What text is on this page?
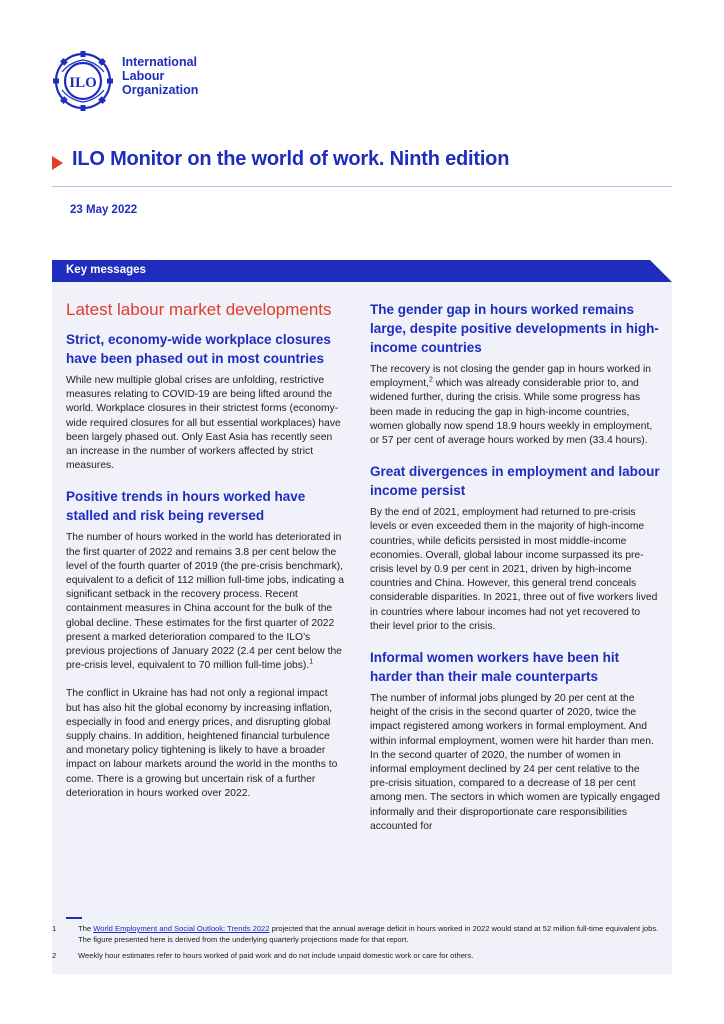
ILO
International
Labour
Organization
ILO Monitor on the world of work. Ninth edition
23 May 2022
Key messages
Latest labour market developments
Strict, economy-wide workplace closures have been phased out in most countries

While new multiple global crises are unfolding, restrictive measures relating to COVID-19 are being lifted around the world. Workplace closures in their strictest forms (economy-wide required closures for all but essential workplaces) have been largely phased out. Only East Asia has recently seen an increase in the number of workers affected by strict measures.

Positive trends in hours worked have stalled and risk being reversed

The number of hours worked in the world has deteriorated in the first quarter of 2022 and remains 3.8 per cent below the level of the fourth quarter of 2019 (the pre-crisis benchmark), equivalent to a deficit of 112 million full-time jobs, indicating a significant setback in the recovery process. Recent containment measures in China account for the bulk of the global decline. These estimates for the first quarter of 2022 present a marked deterioration compared to the ILO’s previous projections of January 2022 (2.4 per cent below the pre-crisis level, equivalent to 70 million full-time jobs).$^1$

The conflict in Ukraine has had not only a regional impact but has also hit the global economy by increasing inflation, especially in food and energy prices, and disrupting global supply chains. In addition, heightened financial turbulence and monetary policy tightening is likely to have a broader impact on labour markets around the world in the months to come. There is a growing but uncertain risk of a further deterioration in hours worked over 2022.

The gender gap in hours worked remains large, despite positive developments in high-income countries

The recovery is not closing the gender gap in hours worked in employment,$^2$ which was already considerable prior to, and widened further, during the crisis. While some progress has been made in reducing the gap in high-income countries, women globally now spend 18.9 hours weekly in employment, or 57 per cent of average hours worked by men (33.4 hours).

Great divergences in employment and labour income persist

By the end of 2021, employment had returned to pre-crisis levels or even exceeded them in the majority of high-income countries, while deficits persisted in most middle-income economies. Overall, global labour income surpassed its pre-crisis level by 0.9 per cent in 2021, driven by high-income countries and China. However, this general trend conceals considerable disparities. In 2021, three out of five workers lived in countries where labour incomes had not yet recovered to their level prior to the crisis.

Informal women workers have been hit harder than their male counterparts

The number of informal jobs plunged by 20 per cent at the height of the crisis in the second quarter of 2020, twice the impact registered among workers in formal employment. And within informal employment, women were hit harder than men. In the second quarter of 2020, the number of women in informal employment declined by 24 per cent relative to the pre-crisis situation, compared to a decrease of 18 per cent among men. The sectors in which women are typically engaged informally and their disproportionate care responsibilities accounted for

1	The World Employment and Social Outlook: Trends 2022 projected that the annual average deficit in hours worked in 2022 would stand at 52 million full-time equivalent jobs. The figure presented here is derived from the underlying quarterly projections made for that report.
2	Weekly hour estimates refer to hours worked of paid work and do not include unpaid domestic work or care for others.
